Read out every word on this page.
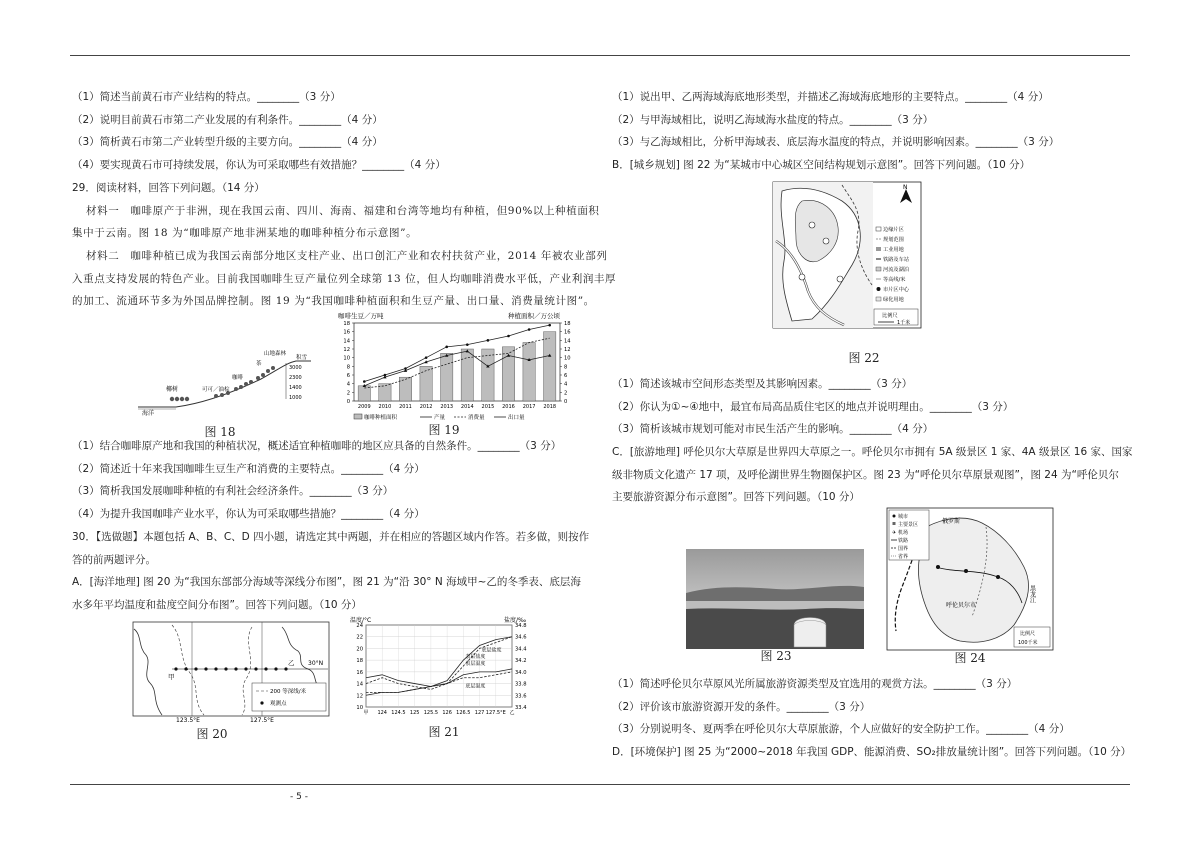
（1）简述当前黄石市产业结构的特点。________（3 分）

（2）说明目前黄石市第二产业发展的有利条件。________（4 分）

（3）简析黄石市第二产业转型升级的主要方向。________（4 分）

（4）要实现黄石市可持续发展，你认为可采取哪些有效措施？________（4 分）

29．阅读材料，回答下列问题。（14 分）

材料一　咖啡原产于非洲，现在我国云南、四川、海南、福建和台湾等地均有种植，但90%以上种植面积

集中于云南。图 18 为“咖啡原产地非洲某地的咖啡种植分布示意图”。

材料二　咖啡种植已成为我国云南部分地区支柱产业、出口创汇产业和农村扶贫产业，2014 年被农业部列

入重点支持发展的特色产业。目前我国咖啡生豆产量位列全球第 13 位，但人均咖啡消费水平低，产业利润丰厚

的加工、流通环节多为外国品牌控制。图 19 为“我国咖啡种植面积和生豆产量、出口量、消费量统计图”。

海洋
椰树	可可／油棕
咖啡
茶
山地森林
积雪
3000
2300
1400
1000
图 18
咖啡生豆／万吨	种植面积／万公顷
0	0
2	2
4	4
6	6
8	8
10	10
12	12
14	14
16	16
18	18
2009 2010 2011 2012 2013 2014 2015 2016 2017 2018
咖啡种植面积	产量	消费量	出口量
图 19

（1）结合咖啡原产地和我国的种植状况，概述适宜种植咖啡的地区应具备的自然条件。________（3 分）

（2）简述近十年来我国咖啡生豆生产和消费的主要特点。________（4 分）

（3）简析我国发展咖啡种植的有利社会经济条件。________（3 分）

（4）为提升我国咖啡产业水平，你认为可采取哪些措施？________（4 分）

30．【选做题】本题包括 A、B、C、D 四小题，请选定其中两题，并在相应的答题区域内作答。若多做，则按作

答的前两题评分。

A．[海洋地理] 图 20 为“我国东部部分海域等深线分布图”，图 21 为“沿 30° N 海域甲~乙的冬季表、底层海

水多年平均温度和盐度空间分布图”。回答下列问题。（10 分）

200 等深线/米
观测点
甲
乙 30°N
123.5°E	127.5°E
图 20
温度/°C	盐度/‰
10
12
14
16
18
20
22
24
33.4
33.6
33.8
34.0
34.2
34.4
34.6
34.8
甲 124 124.5 125 125.5 126 126.5 127 127.5°E 乙
表层盐度
底层盐度
表层温度
底层温度
图 21

（1）说出甲、乙两海域海底地形类型，并描述乙海域海底地形的主要特点。________（4 分）

（2）与甲海域相比，说明乙海域海水盐度的特点。________（3 分）

（3）与乙海域相比，分析甲海域表、底层海水温度的特点，并说明影响因素。________（3 分）

B．[城乡规划] 图 22 为“某城市中心城区空间结构规划示意图”。回答下列问题。（10 分）

N
边缘片区
规划范围
工业用地
铁路及车站
河流及湖泊
等高线/米
市片区中心
绿化用地
比例尺
1千米
图 22

（1）简述该城市空间形态类型及其影响因素。________（3 分）

（2）你认为①~④地中，最宜布局高品质住宅区的地点并说明理由。________（3 分）

（3）简析该城市规划可能对市民生活产生的影响。________（4 分）

C．[旅游地理] 呼伦贝尔大草原是世界四大草原之一。呼伦贝尔市拥有 5A 级景区 1 家、4A 级景区 16 家、国家

级非物质文化遗产 17 项，及呼伦湖世界生物圈保护区。图 23 为“呼伦贝尔草原景观图”，图 24 为“呼伦贝尔

主要旅游资源分布示意图”。回答下列问题。（10 分）

图 23
城市
主要景区
✈ 机场
铁路
国界
省界
俄罗斯
黑龙江
呼伦贝尔市
比例尺
100千米
图 24

（1）简述呼伦贝尔草原风光所属旅游资源类型及宜选用的观赏方法。________（3 分）

（2）评价该市旅游资源开发的条件。________（3 分）

（3）分别说明冬、夏两季在呼伦贝尔大草原旅游，个人应做好的安全防护工作。________（4 分）

D．[环境保护] 图 25 为“2000~2018 年我国 GDP、能源消费、SO₂排放量统计图”。回答下列问题。（10 分）

- 5 -
